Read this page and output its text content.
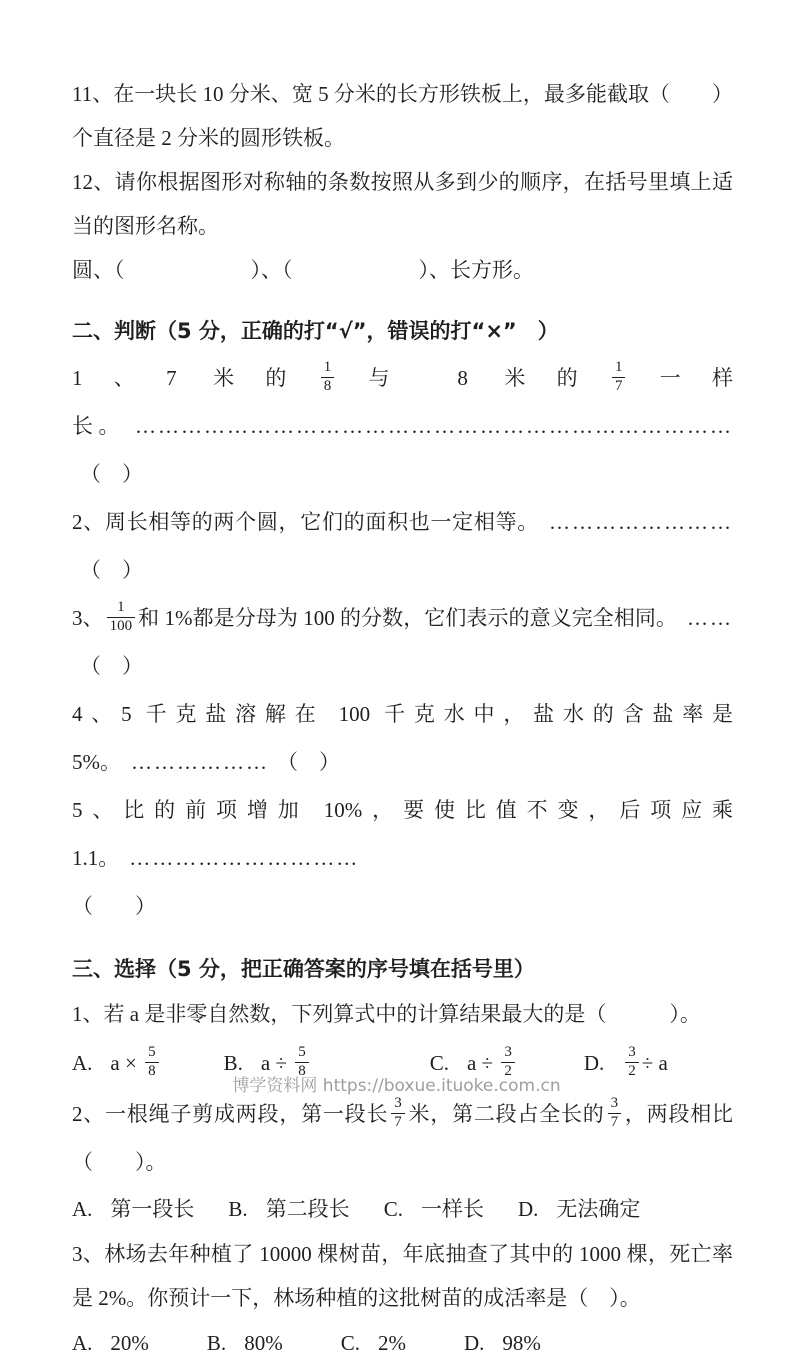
11、在一块长 10 分米、宽 5 分米的长方形铁板上，最多能截取（　　）个直径是 2 分米的圆形铁板。

12、请你根据图形对称轴的条数按照从多到少的顺序，在括号里填上适当的图形名称。

圆、（　　　　　　）、（　　　　　　）、长方形。

二、判断（5 分，正确的打“√”，错误的打“×”　）

1、7 米的 $\frac{1}{8}$ 与 8 米的 $\frac{1}{7}$ 一样长。 ……………………………………………………………………（　）

2、周长相等的两个圆，它们的面积也一定相等。 ……………………（　）

3、 $\frac{1}{100}$ 和 1%都是分母为 100 的分数，它们表示的意义完全相同。 ……（　）

4、5 千克盐溶解在 100 千克水中，盐水的含盐率是 5%。 ……………… （　）

5、比的前项增加 10%，要使比值不变，后项应乘 1.1。 …………………………

（　　）

三、选择（5 分，把正确答案的序号填在括号里）

1、若 a 是非零自然数，下列算式中的计算结果最大的是（　　　）。

A. $a \times \frac{5}{8}$	B. $a \div \frac{5}{8}$	C. $a \div \frac{3}{2}$	D. $\frac{3}{2} \div a$

2、一根绳子剪成两段，第一段长 $\frac{3}{7}$ 米，第二段占全长的 $\frac{3}{7}$ ，两段相比（　　）。

A. 第一段长 B. 第二段长 C. 一样长 D. 无法确定

3、林场去年种植了 10000 棵树苗，年底抽查了其中的 1000 棵，死亡率是 2%。你预计一下，林场种植的这批树苗的成活率是（　）。

A. 20%	B. 80%	C. 2%	D. 98%

博学资料网 https://boxue.ituoke.com.cn
